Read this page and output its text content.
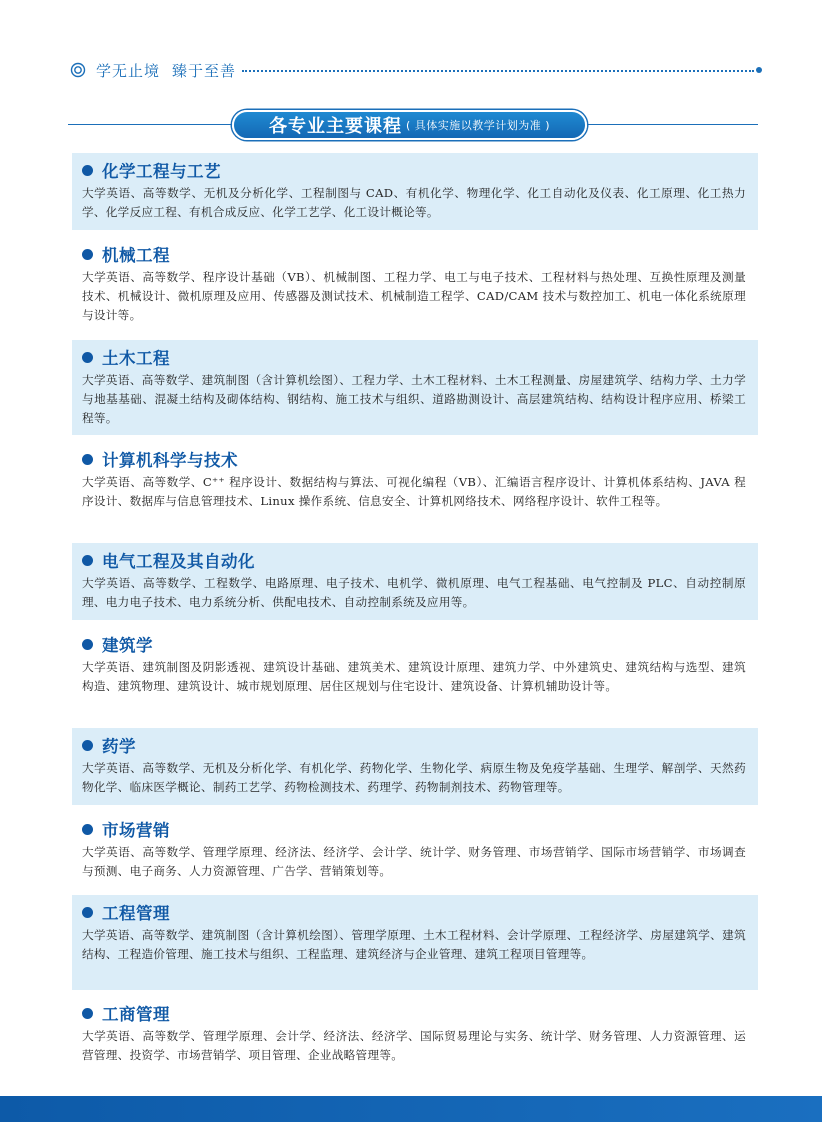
学无止境 臻于至善
各专业主要课程 ( 具体实施以教学计划为准 )
化学工程与工艺
大学英语、高等数学、无机及分析化学、工程制图与 CAD、有机化学、物理化学、化工自动化及仪表、化工原理、化工热力学、化学反应工程、有机合成反应、化学工艺学、化工设计概论等。
机械工程
大学英语、高等数学、程序设计基础（VB）、机械制图、工程力学、电工与电子技术、工程材料与热处理、互换性原理及测量技术、机械设计、微机原理及应用、传感器及测试技术、机械制造工程学、CAD/CAM 技术与数控加工、机电一体化系统原理与设计等。
土木工程
大学英语、高等数学、建筑制图（含计算机绘图）、工程力学、土木工程材料、土木工程测量、房屋建筑学、结构力学、土力学与地基基础、混凝土结构及砌体结构、钢结构、施工技术与组织、道路勘测设计、高层建筑结构、结构设计程序应用、桥梁工程等。
计算机科学与技术
大学英语、高等数学、C⁺⁺ 程序设计、数据结构与算法、可视化编程（VB）、汇编语言程序设计、计算机体系结构、JAVA 程序设计、数据库与信息管理技术、Linux 操作系统、信息安全、计算机网络技术、网络程序设计、软件工程等。
电气工程及其自动化
大学英语、高等数学、工程数学、电路原理、电子技术、电机学、微机原理、电气工程基础、电气控制及 PLC、自动控制原理、电力电子技术、电力系统分析、供配电技术、自动控制系统及应用等。
建筑学
大学英语、建筑制图及阴影透视、建筑设计基础、建筑美术、建筑设计原理、建筑力学、中外建筑史、建筑结构与选型、建筑构造、建筑物理、建筑设计、城市规划原理、居住区规划与住宅设计、建筑设备、计算机辅助设计等。
药学
大学英语、高等数学、无机及分析化学、有机化学、药物化学、生物化学、病原生物及免疫学基础、生理学、解剖学、天然药物化学、临床医学概论、制药工艺学、药物检测技术、药理学、药物制剂技术、药物管理等。
市场营销
大学英语、高等数学、管理学原理、经济法、经济学、会计学、统计学、财务管理、市场营销学、国际市场营销学、市场调查与预测、电子商务、人力资源管理、广告学、营销策划等。
工程管理
大学英语、高等数学、建筑制图（含计算机绘图）、管理学原理、土木工程材料、会计学原理、工程经济学、房屋建筑学、建筑结构、工程造价管理、施工技术与组织、工程监理、建筑经济与企业管理、建筑工程项目管理等。
工商管理
大学英语、高等数学、管理学原理、会计学、经济法、经济学、国际贸易理论与实务、统计学、财务管理、人力资源管理、运营管理、投资学、市场营销学、项目管理、企业战略管理等。
